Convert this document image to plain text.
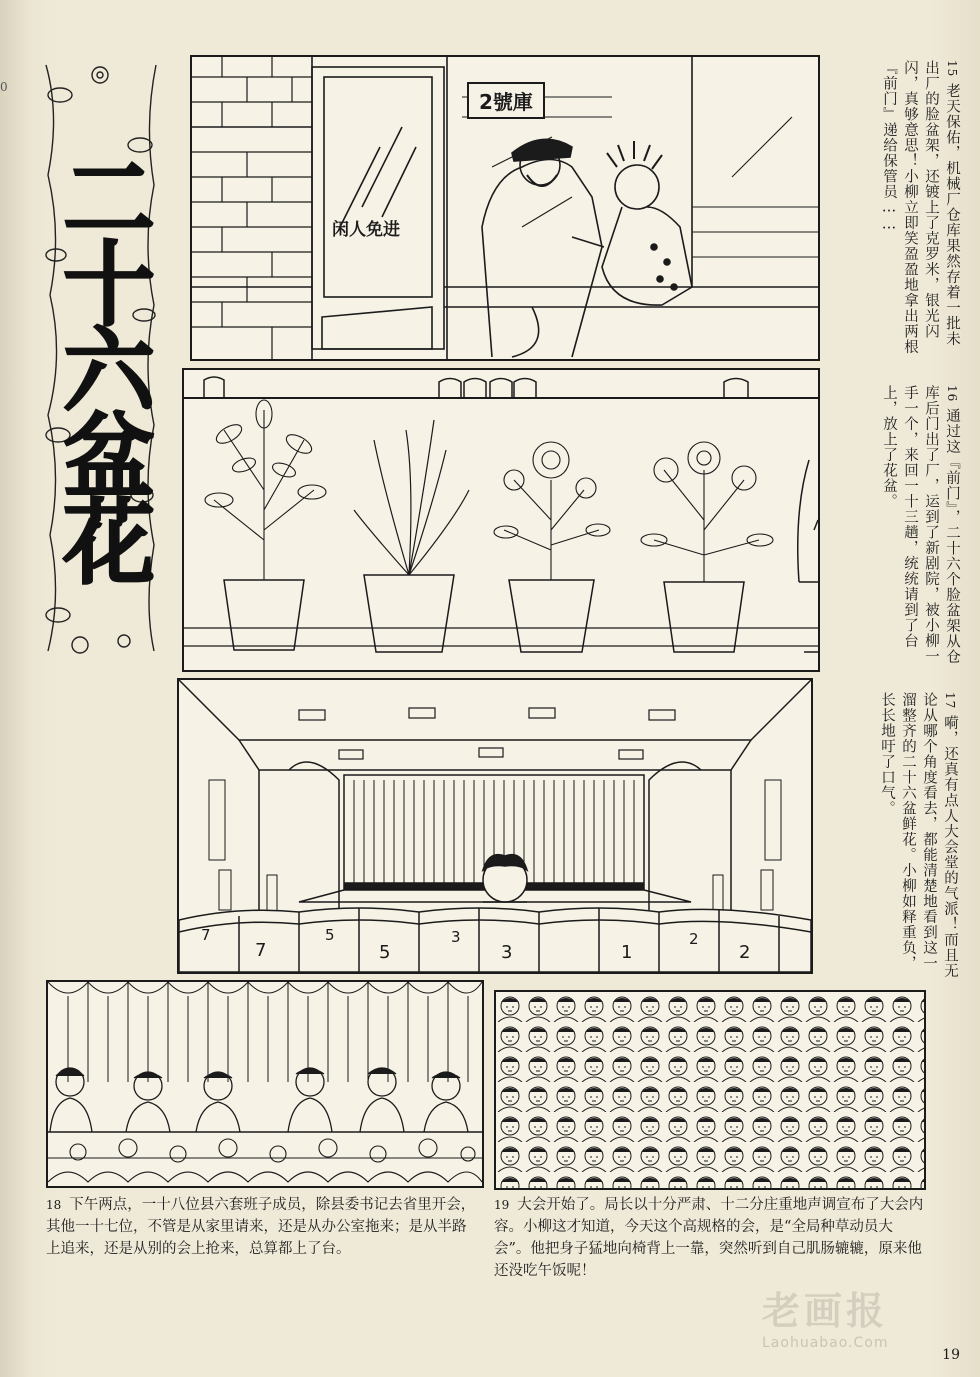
0
二十六盆花
2號庫
闲人免进
15老天保佑，机械厂仓库果然存着一批未出厂的脸盆架，还镀上了克罗米，银光闪闪，真够意思！小柳立即笑盈盈地拿出两根『前门』递给保管员……
16通过这『前门』，二十六个脸盆架从仓库后门出了厂，运到了新剧院，被小柳一手一个，来回一十三趟，统统请到了台上，放上了花盆。
7
7
5
5
3
3	1
2
2
17嗬，还真有点人大会堂的气派！而且无论从哪个角度看去，都能清楚地看到这一溜整齐的二十六盆鲜花。小柳如释重负，长长地吁了口气。
18 下午两点，一十八位县六套班子成员，除县委书记去省里开会，其他一十七位，不管是从家里请来，还是从办公室拖来；是从半路上追来，还是从别的会上抢来，总算都上了台。
19 大会开始了。局长以十分严肃、十二分庄重地声调宣布了大会内容。小柳这才知道，今天这个高规格的会，是“全局种草动员大会”。他把身子猛地向椅背上一靠，突然听到自己肌肠辘辘，原来他还没吃午饭呢！
老画报
Laohuabao.Com
19
